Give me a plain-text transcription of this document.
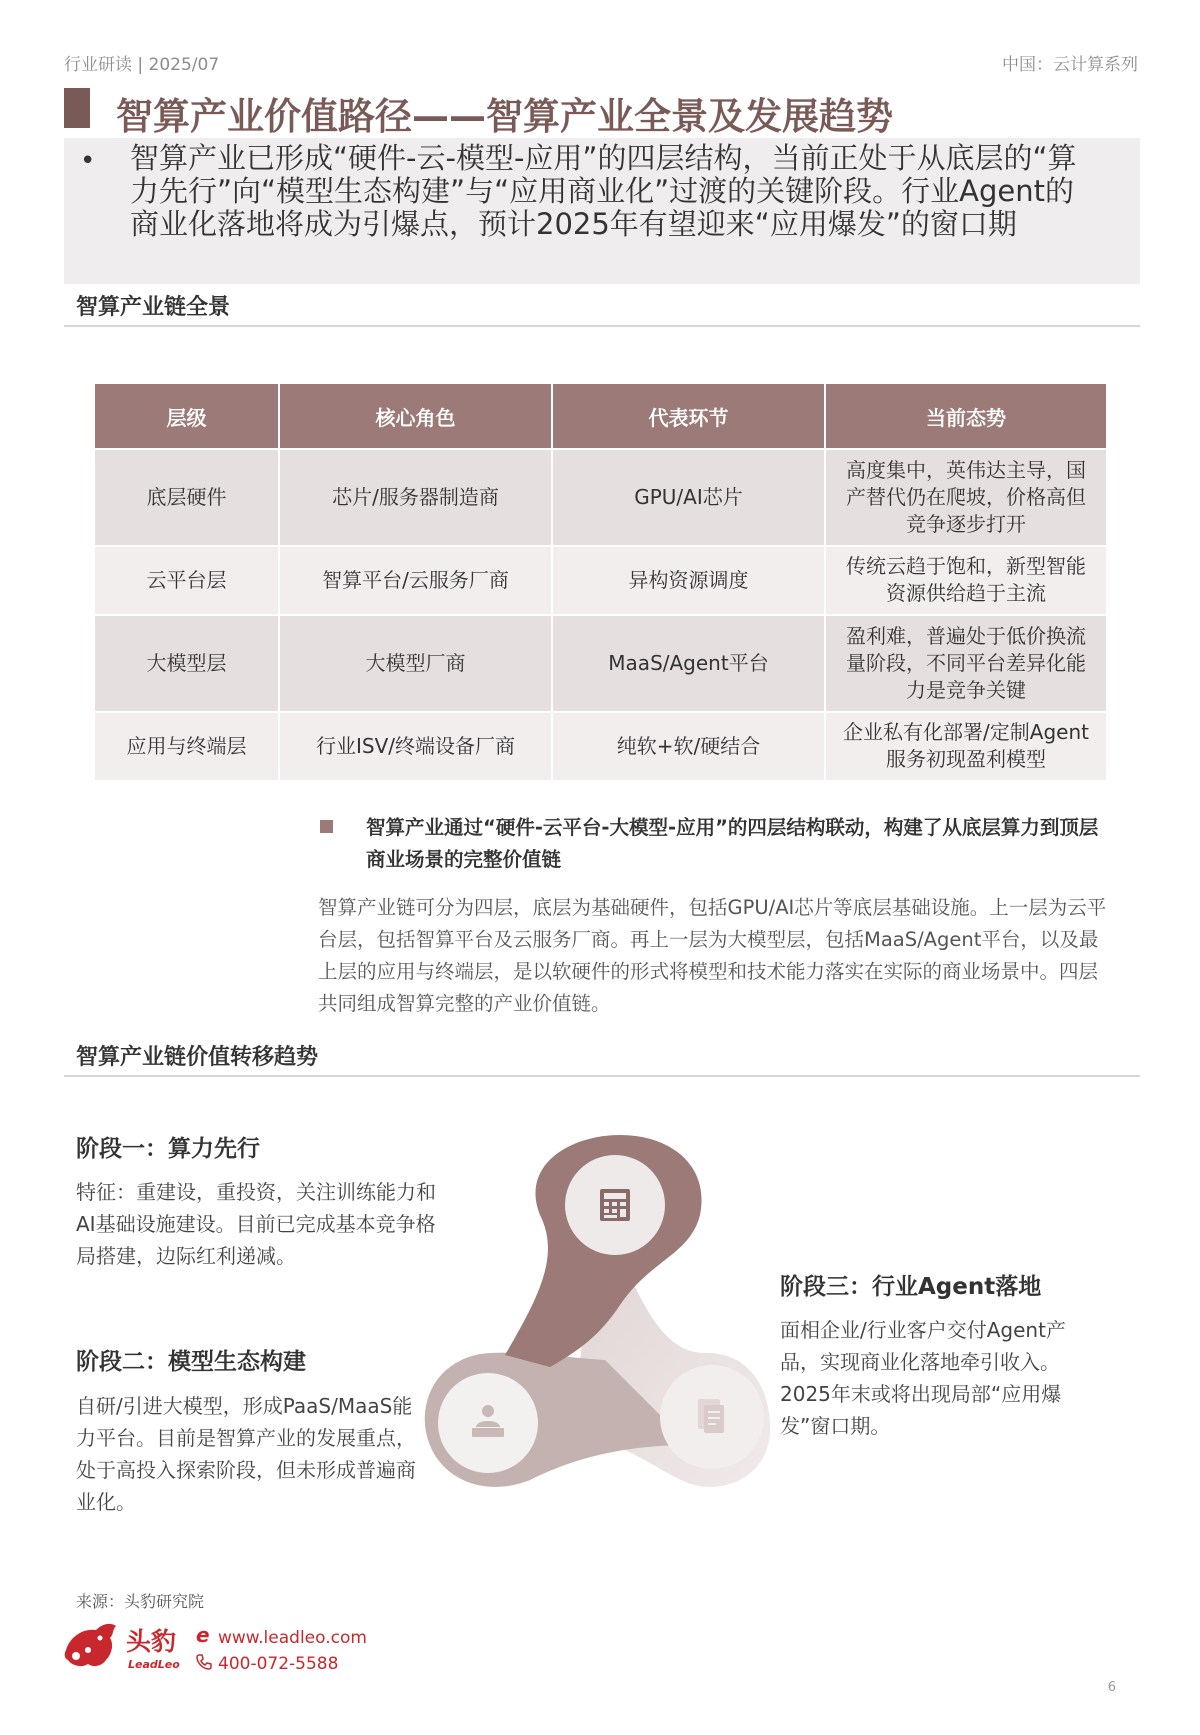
行业研读 | 2025/07	中国：云计算系列
智算产业价值路径——智算产业全景及发展趋势
• 智算产业已形成“硬件-云-模型-应用”的四层结构，当前正处于从底层的“算力先行”向“模型生态构建”与“应用商业化”过渡的关键阶段。行业Agent的商业化落地将成为引爆点，预计2025年有望迎来“应用爆发”的窗口期

智算产业链全景
层级	核心角色	代表环节	当前态势
底层硬件	芯片/服务器制造商	GPU/AI芯片	高度集中，英伟达主导，国产替代仍在爬坡，价格高但竞争逐步打开
云平台层	智算平台/云服务厂商	异构资源调度	传统云趋于饱和，新型智能资源供给趋于主流
大模型层	大模型厂商	MaaS/Agent平台	盈利难，普遍处于低价换流量阶段，不同平台差异化能力是竞争关键
应用与终端层	行业ISV/终端设备厂商	纯软+软/硬结合	企业私有化部署/定制Agent服务初现盈利模型

智算产业通过“硬件-云平台-大模型-应用”的四层结构联动，构建了从底层算力到顶层商业场景的完整价值链

智算产业链可分为四层，底层为基础硬件，包括GPU/AI芯片等底层基础设施。上一层为云平台层，包括智算平台及云服务厂商。再上一层为大模型层，包括MaaS/Agent平台，以及最上层的应用与终端层，是以软硬件的形式将模型和技术能力落实在实际的商业场景中。四层共同组成智算完整的产业价值链。

智算产业链价值转移趋势
阶段一：算力先行

特征：重建设，重投资，关注训练能力和AI基础设施建设。目前已完成基本竞争格局搭建，边际红利递减。

阶段二：模型生态构建

自研/引进大模型，形成PaaS/MaaS能力平台。目前是智算产业的发展重点，处于高投入探索阶段，但未形成普遍商业化。

阶段三：行业Agent落地

面相企业/行业客户交付Agent产品，实现商业化落地牵引收入。2025年末或将出现局部“应用爆发”窗口期。

来源：头豹研究院
头豹
LeadLeo
e www.leadleo.com
400-072-5588
6
